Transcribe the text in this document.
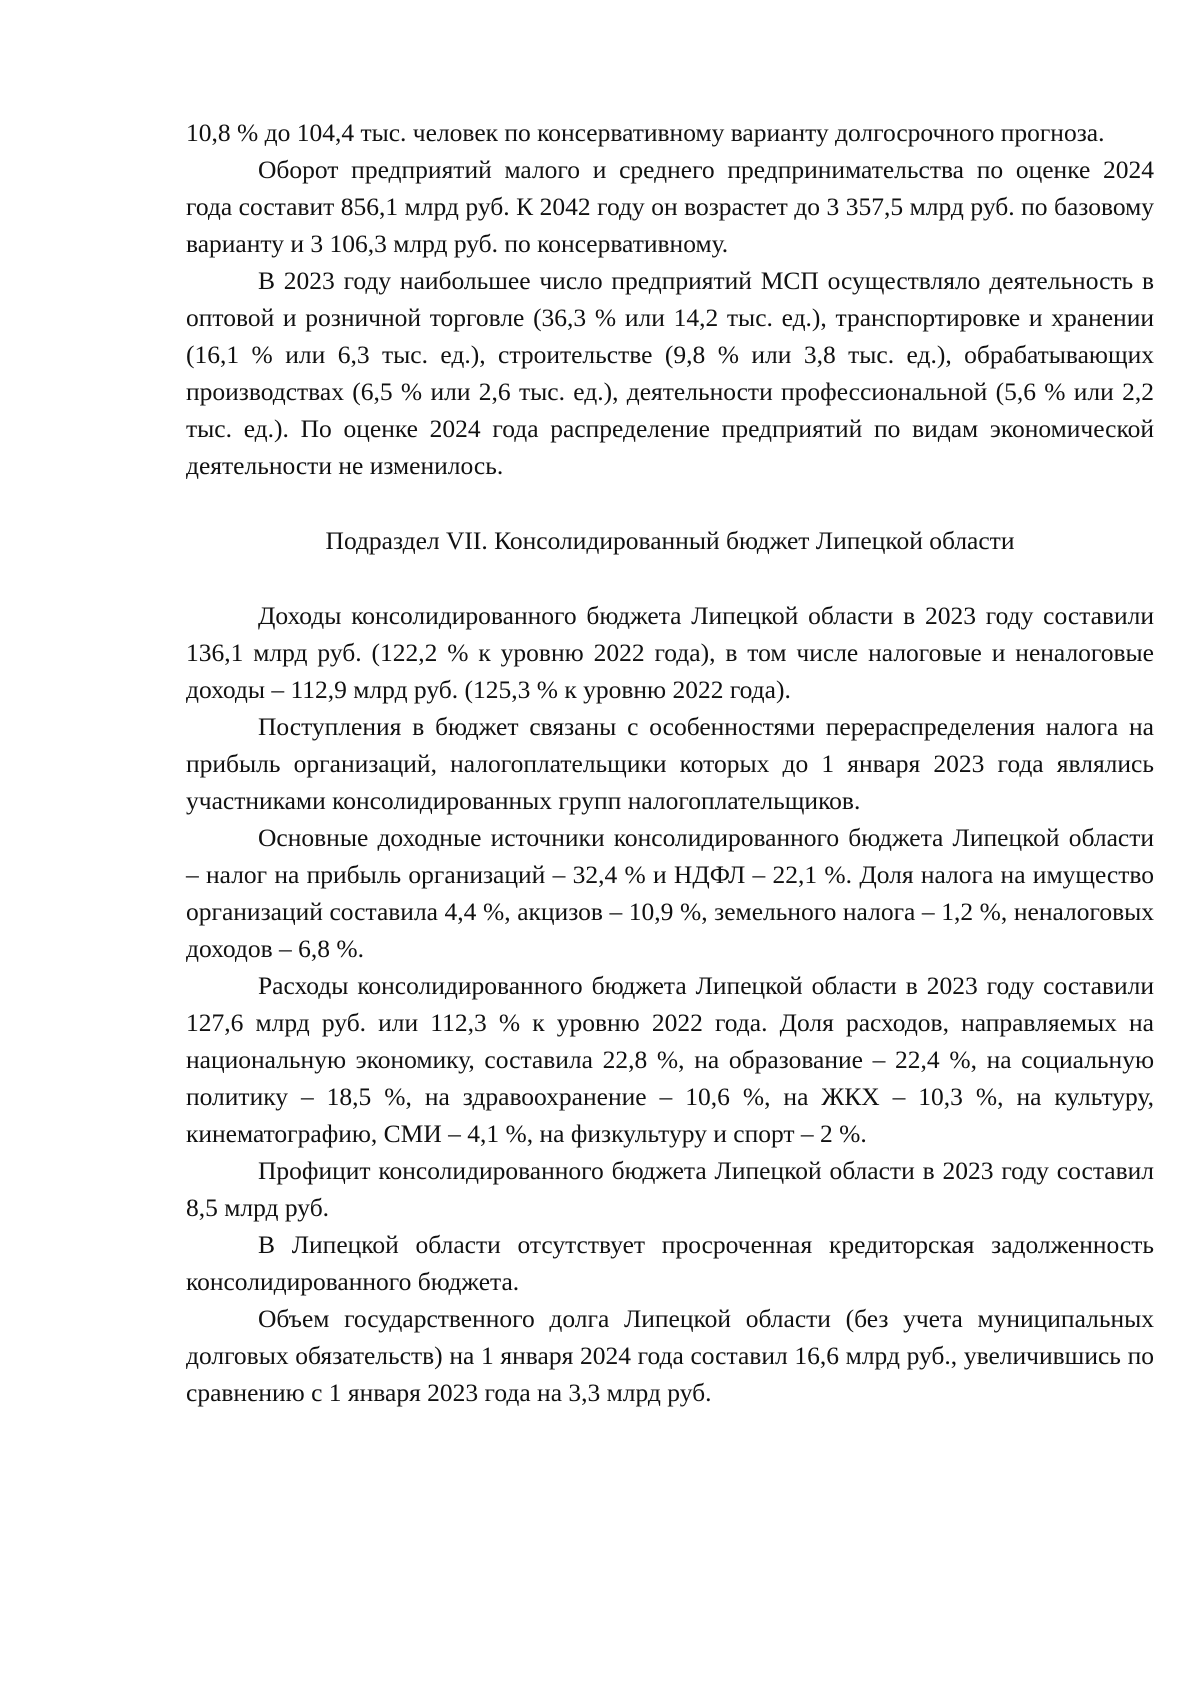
10,8 % до 104,4 тыс. человек по консервативному варианту долгосрочного прогноза.

Оборот предприятий малого и среднего предпринимательства по оценке 2024 года составит 856,1 млрд руб. К 2042 году он возрастет до 3 357,5 млрд руб. по базовому варианту и 3 106,3 млрд руб. по консервативному.

В 2023 году наибольшее число предприятий МСП осуществляло деятельность в оптовой и розничной торговле (36,3 % или 14,2 тыс. ед.), транспортировке и хранении (16,1 % или 6,3 тыс. ед.), строительстве (9,8 % или 3,8 тыс. ед.), обрабатывающих производствах (6,5 % или 2,6 тыс. ед.), деятельности профессиональной (5,6 % или 2,2 тыс. ед.). По оценке 2024 года распределение предприятий по видам экономической деятельности не изменилось.

Подраздел VII. Консолидированный бюджет Липецкой области

Доходы консолидированного бюджета Липецкой области в 2023 году составили 136,1 млрд руб. (122,2 % к уровню 2022 года), в том числе налоговые и неналоговые доходы – 112,9 млрд руб. (125,3 % к уровню 2022 года).

Поступления в бюджет связаны с особенностями перераспределения налога на прибыль организаций, налогоплательщики которых до 1 января 2023 года являлись участниками консолидированных групп налогоплательщиков.

Основные доходные источники консолидированного бюджета Липецкой области – налог на прибыль организаций – 32,4 % и НДФЛ – 22,1 %. Доля налога на имущество организаций составила 4,4 %, акцизов – 10,9 %, земельного налога – 1,2 %, неналоговых доходов – 6,8 %.

Расходы консолидированного бюджета Липецкой области в 2023 году составили 127,6 млрд руб. или 112,3 % к уровню 2022 года. Доля расходов, направляемых на национальную экономику, составила 22,8 %, на образование – 22,4 %, на социальную политику – 18,5 %, на здравоохранение – 10,6 %, на ЖКХ – 10,3 %, на культуру, кинематографию, СМИ – 4,1 %, на физкультуру и спорт – 2 %.

Профицит консолидированного бюджета Липецкой области в 2023 году составил 8,5 млрд руб.

В Липецкой области отсутствует просроченная кредиторская задолженность консолидированного бюджета.

Объем государственного долга Липецкой области (без учета муниципальных долговых обязательств) на 1 января 2024 года составил 16,6 млрд руб., увеличившись по сравнению с 1 января 2023 года на 3,3 млрд руб.
